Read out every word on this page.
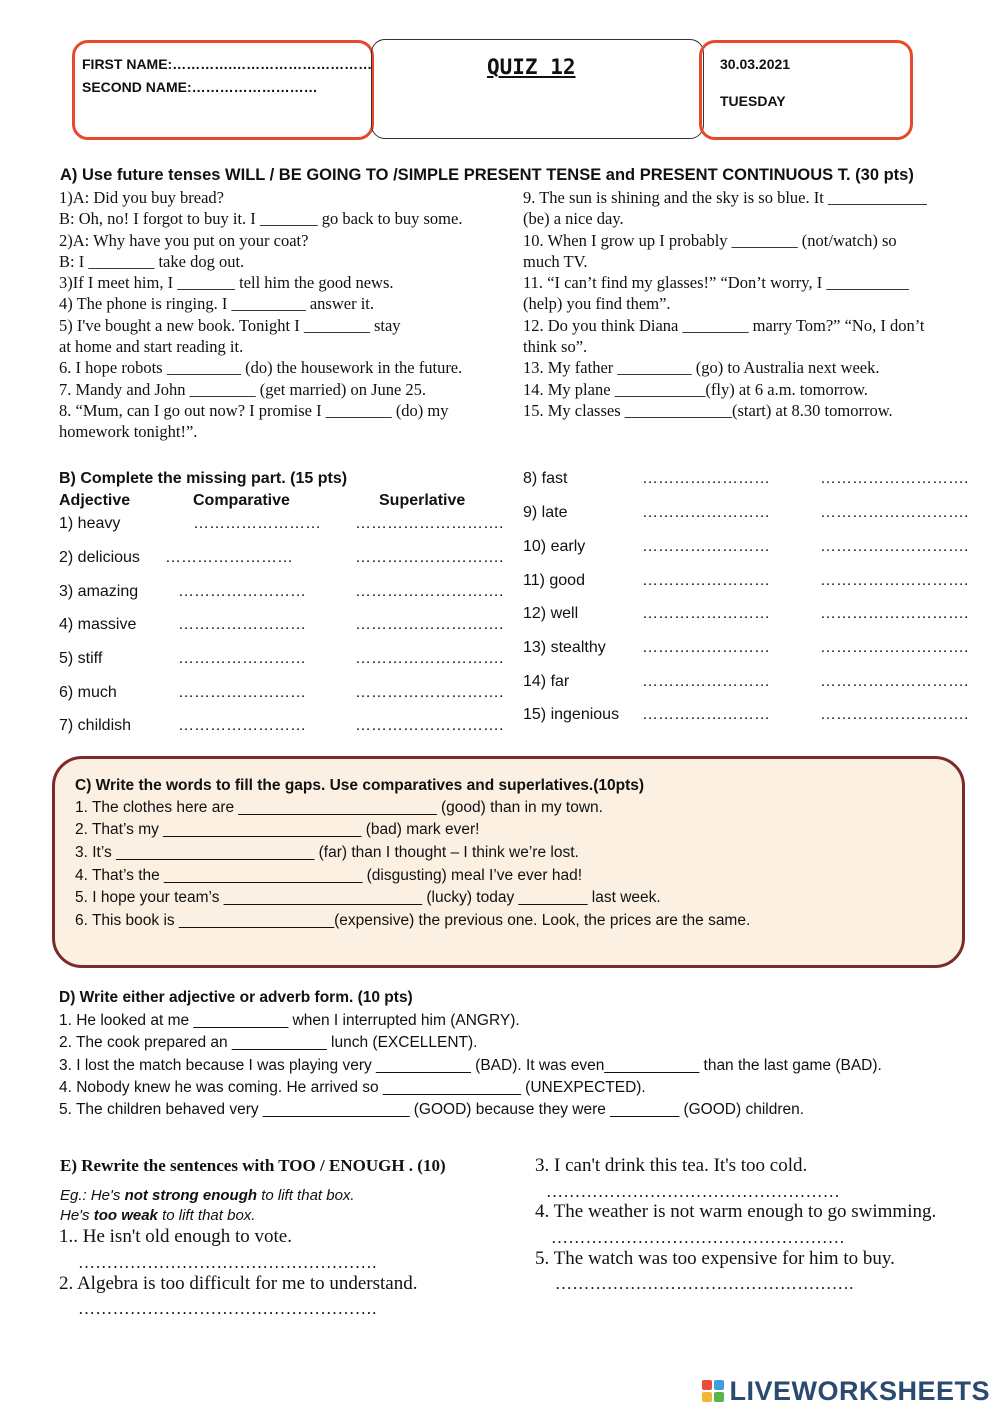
FIRST NAME:………….…………………………
SECOND NAME:………………………
QUIZ 12	30.03.2021
TUESDAY
A) Use future tenses WILL / BE GOING TO /SIMPLE PRESENT TENSE and PRESENT CONTINUOUS T. (30 pts)
1)A: Did you buy bread?
B: Oh, no! I forgot to buy it. I _______ go back to buy some.
2)A: Why have you put on your coat?
B: I ________ take dog out.
3)If I meet him, I _______ tell him the good news.
4) The phone is ringing. I _________ answer it.
5) I've bought a new book. Tonight I ________ stay
at home and start reading it.
6. I hope robots _________ (do) the housework in the future.
7. Mandy and John ________ (get married) on June 25.
8. “Mum, can I go out now? I promise I ________ (do) my
homework tonight!”.
9. The sun is shining and the sky is so blue. It ____________
(be) a nice day.
10. When I grow up I probably ________ (not/watch) so
much TV.
11. “I can’t find my glasses!” “Don’t worry, I __________
(help) you find them”.
12. Do you think Diana ________ marry Tom?” “No, I don’t
think so”.
13. My father _________ (go) to Australia next week.
14. My plane ___________(fly) at 6 a.m. tomorrow.
15. My classes _____________(start) at 8.30 tomorrow.
B) Complete the missing part. (15 pts)
Adjective	Comparative	Superlative
1) heavy	…………………… ……………………….
2) delicious ……………………	……………………….
3) amazing ……………………	……………………….
4) massive	……………………	……………………….
5) stiff	……………………	……………………….
6) much	……………………	……………………….
7) childish	……………………	……………………….
8) fast	……………………	……………………….
9) late	……………………	……………………….
10) early	……………………	……………………….
11) good	……………………	……………………….
12) well	……………………	……………………….
13) stealthy ……………………	……………………….
14) far	……………………	……………………….
15) ingenious ……………………	……………………….
C) Write the words to fill the gaps. Use comparatives and superlatives.(10pts)
1. The clothes here are _______________________ (good) than in my town.
2. That’s my _______________________ (bad) mark ever!
3. It’s _______________________ (far) than I thought – I think we’re lost.
4. That’s the _______________________ (disgusting) meal I’ve ever had!
5. I hope your team’s _______________________ (lucky) today ________ last week.
6. This book is __________________(expensive) the previous one. Look, the prices are the same.
D) Write either adjective or adverb form. (10 pts)
1. He looked at me ___________ when I interrupted him (ANGRY).
2. The cook prepared an ___________ lunch (EXCELLENT).
3. I lost the match because I was playing very ___________ (BAD). It was even___________ than the last game (BAD).
4. Nobody knew he was coming. He arrived so ________________ (UNEXPECTED).
5. The children behaved very _________________ (GOOD) because they were ________ (GOOD) children.
E) Rewrite the sentences with TOO / ENOUGH . (10)
Eg.: He's not strong enough to lift that box.
He's too weak to lift that box.
1.. He isn't old enough to vote.
…………………………………………….
2. Algebra is too difficult for me to understand.
…………………………………………….
3. I can't drink this tea. It's too cold.
……………………………………………
4. The weather is not warm enough to go swimming.
……………………………………………
5. The watch was too expensive for him to buy.
…………………………………………….
LIVEWORKSHEETS
